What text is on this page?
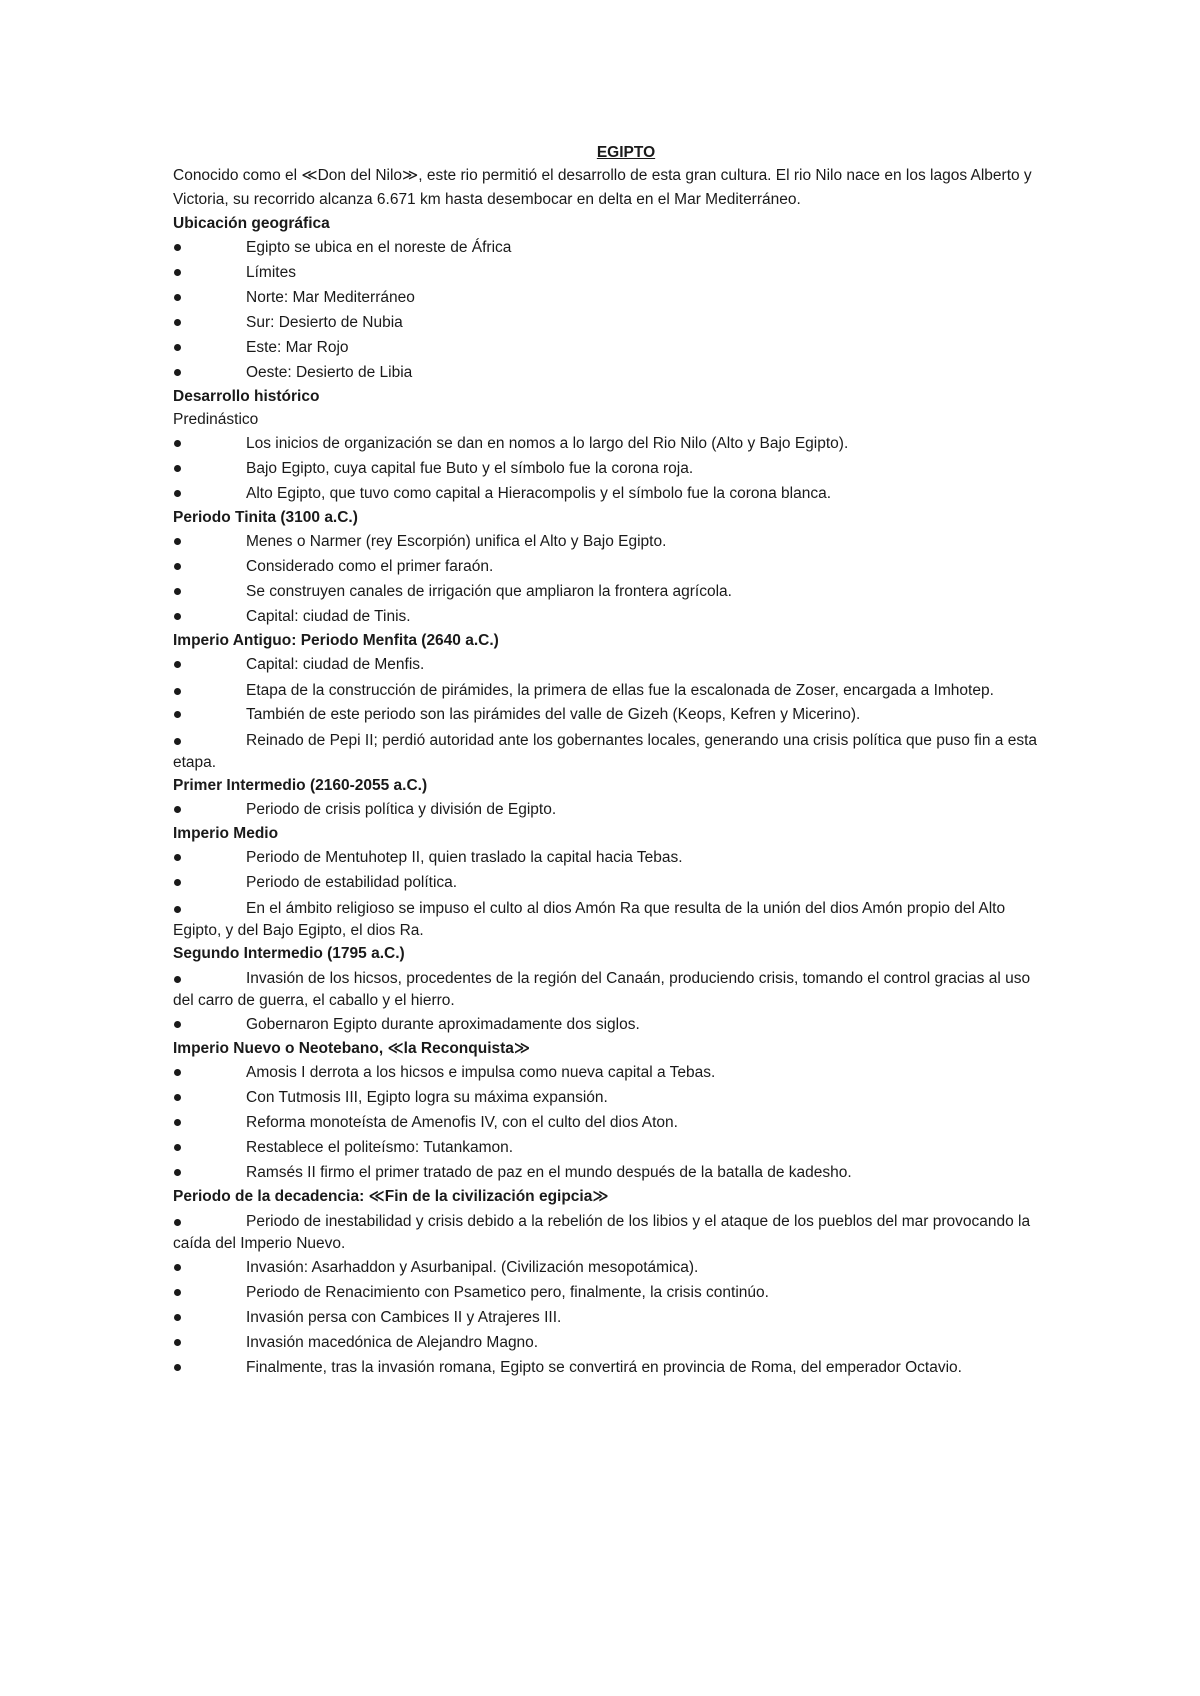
EGIPTO
Conocido como el ≪Don del Nilo≫, este rio permitió el desarrollo de esta gran cultura. El rio Nilo nace en los lagos Alberto y Victoria, su recorrido alcanza 6.671 km hasta desembocar en delta en el Mar Mediterráneo.
Ubicación geográfica
Egipto se ubica en el noreste de África
Límites
Norte: Mar Mediterráneo
Sur: Desierto de Nubia
Este: Mar Rojo
Oeste: Desierto de Libia
Desarrollo histórico
Predinástico
Los inicios de organización se dan en nomos a lo largo del Rio Nilo (Alto y Bajo Egipto).
Bajo Egipto, cuya capital fue Buto y el símbolo fue la corona roja.
Alto Egipto, que tuvo como capital a Hieracompolis y el símbolo fue la corona blanca.
Periodo Tinita (3100 a.C.)
Menes o Narmer (rey Escorpión) unifica el Alto y Bajo Egipto.
Considerado como el primer faraón.
Se construyen canales de irrigación que ampliaron la frontera agrícola.
Capital: ciudad de Tinis.
Imperio Antiguo: Periodo Menfita (2640 a.C.)
Capital: ciudad de Menfis.
Etapa de la construcción de pirámides, la primera de ellas fue la escalonada de Zoser, encargada a Imhotep.
También de este periodo son las pirámides del valle de Gizeh (Keops, Kefren y Micerino).
Reinado de Pepi II; perdió autoridad ante los gobernantes locales, generando una crisis política que puso fin a esta etapa.
Primer Intermedio (2160-2055 a.C.)
Periodo de crisis política y división de Egipto.
Imperio Medio
Periodo de Mentuhotep II, quien traslado la capital hacia Tebas.
Periodo de estabilidad política.
En el ámbito religioso se impuso el culto al dios Amón Ra que resulta de la unión del dios Amón propio del Alto Egipto, y del Bajo Egipto, el dios Ra.
Segundo Intermedio (1795 a.C.)
Invasión de los hicsos, procedentes de la región del Canaán, produciendo crisis, tomando el control gracias al uso del carro de guerra, el caballo y el hierro.
Gobernaron Egipto durante aproximadamente dos siglos.
Imperio Nuevo o Neotebano, ≪la Reconquista≫
Amosis I derrota a los hicsos e impulsa como nueva capital a Tebas.
Con Tutmosis III, Egipto logra su máxima expansión.
Reforma monoteísta de Amenofis IV, con el culto del dios Aton.
Restablece el politeísmo: Tutankamon.
Ramsés II firmo el primer tratado de paz en el mundo después de la batalla de kadesho.
Periodo de la decadencia: ≪Fin de la civilización egipcia≫
Periodo de inestabilidad y crisis debido a la rebelión de los libios y el ataque de los pueblos del mar provocando la caída del Imperio Nuevo.
Invasión: Asarhaddon y Asurbanipal. (Civilización mesopotámica).
Periodo de Renacimiento con Psametico pero, finalmente, la crisis continúo.
Invasión persa con Cambices II y Atrajeres III.
Invasión macedónica de Alejandro Magno.
Finalmente, tras la invasión romana, Egipto se convertirá en provincia de Roma, del emperador Octavio.
